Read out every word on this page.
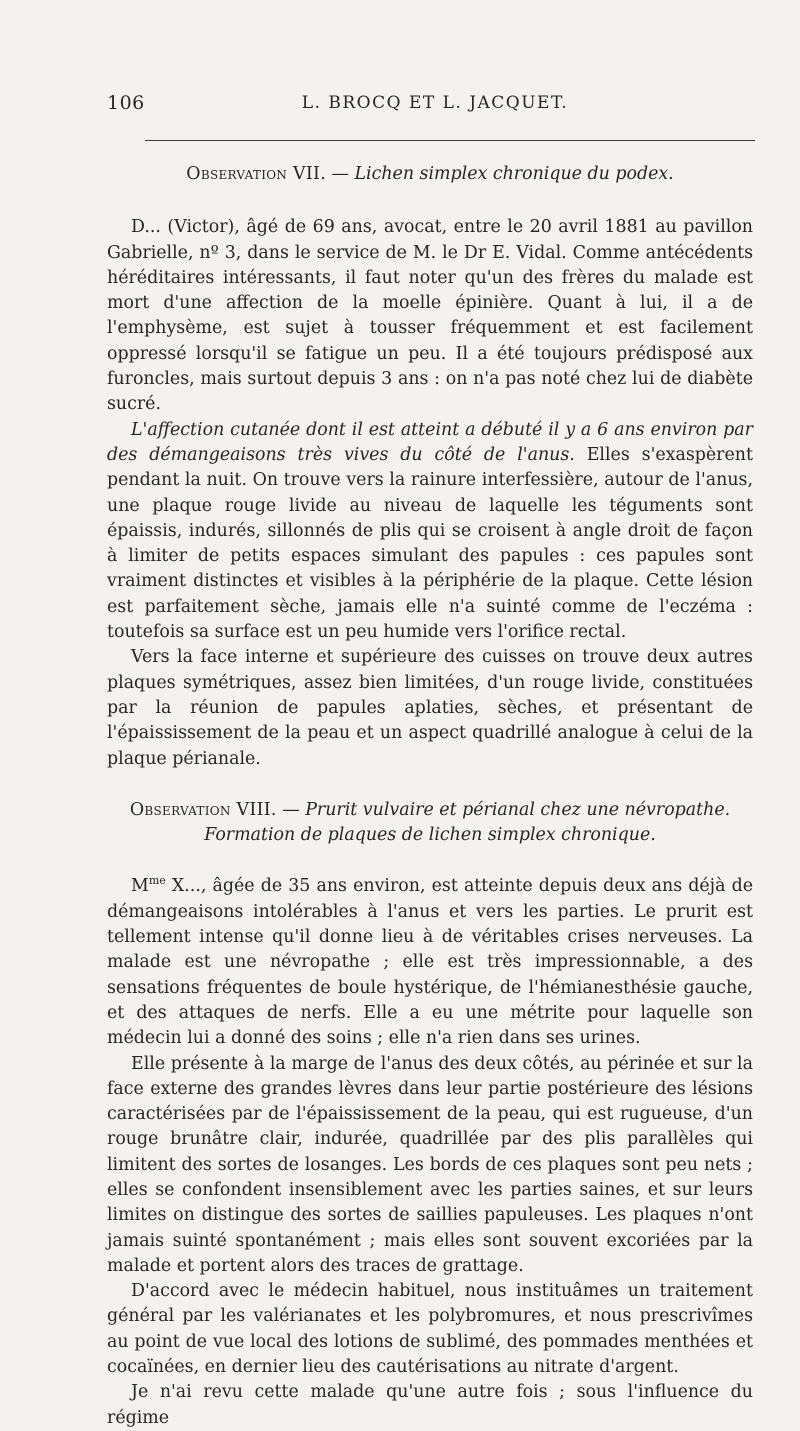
106	L. BROCQ ET L. JACQUET.
Observation VII. — Lichen simplex chronique du podex.

D... (Victor), âgé de 69 ans, avocat, entre le 20 avril 1881 au pavillon Gabrielle, nº 3, dans le service de M. le Dr E. Vidal. Comme antécédents héréditaires intéressants, il faut noter qu'un des frères du malade est mort d'une affection de la moelle épinière. Quant à lui, il a de l'emphysème, est sujet à tousser fréquemment et est facilement oppressé lorsqu'il se fatigue un peu. Il a été toujours prédisposé aux furoncles, mais surtout depuis 3 ans : on n'a pas noté chez lui de diabète sucré.

L'affection cutanée dont il est atteint a débuté il y a 6 ans environ par des démangeaisons très vives du côté de l'anus. Elles s'exaspèrent pendant la nuit. On trouve vers la rainure interfessière, autour de l'anus, une plaque rouge livide au niveau de laquelle les téguments sont épaissis, indurés, sillonnés de plis qui se croisent à angle droit de façon à limiter de petits espaces simulant des papules : ces papules sont vraiment distinctes et visibles à la périphérie de la plaque. Cette lésion est parfaitement sèche, jamais elle n'a suinté comme de l'eczéma : toutefois sa surface est un peu humide vers l'orifice rectal.

Vers la face interne et supérieure des cuisses on trouve deux autres plaques symétriques, assez bien limitées, d'un rouge livide, constituées par la réunion de papules aplaties, sèches, et présentant de l'épaississement de la peau et un aspect quadrillé analogue à celui de la plaque périanale.

Observation VIII. — Prurit vulvaire et périanal chez une névropathe.
Formation de plaques de lichen simplex chronique.

$M^{me}$ X..., âgée de 35 ans environ, est atteinte depuis deux ans déjà de démangeaisons intolérables à l'anus et vers les parties. Le prurit est tellement intense qu'il donne lieu à de véritables crises nerveuses. La malade est une névropathe ; elle est très impressionnable, a des sensations fréquentes de boule hystérique, de l'hémianesthésie gauche, et des attaques de nerfs. Elle a eu une métrite pour laquelle son médecin lui a donné des soins ; elle n'a rien dans ses urines.

Elle présente à la marge de l'anus des deux côtés, au périnée et sur la face externe des grandes lèvres dans leur partie postérieure des lésions caractérisées par de l'épaississement de la peau, qui est rugueuse, d'un rouge brunâtre clair, indurée, quadrillée par des plis parallèles qui limitent des sortes de losanges. Les bords de ces plaques sont peu nets ; elles se confondent insensiblement avec les parties saines, et sur leurs limites on distingue des sortes de saillies papuleuses. Les plaques n'ont jamais suinté spontanément ; mais elles sont souvent excoriées par la malade et portent alors des traces de grattage.

D'accord avec le médecin habituel, nous instituâmes un traitement général par les valérianates et les polybromures, et nous prescrivîmes au point de vue local des lotions de sublimé, des pommades menthées et cocaïnées, en dernier lieu des cautérisations au nitrate d'argent.

Je n'ai revu cette malade qu'une autre fois ; sous l'influence du régime
